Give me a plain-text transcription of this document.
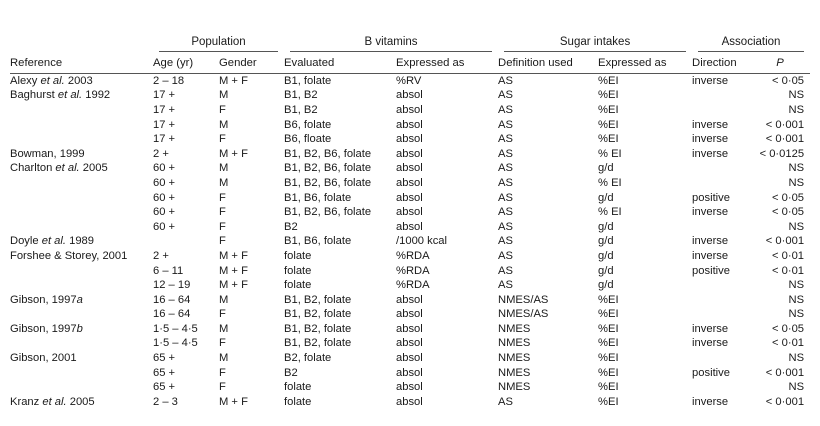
	Population		B vitamins		Sugar intakes		Association	

Reference	Age (yr)	Gender	Evaluated	Expressed as	Definition used	Expressed as	Direction	P
Alexy et al. 2003	2 – 18	M + F	B1, folate	%RV	AS	%EI	inverse	< 0·05
Baghurst et al. 1992	17 +	M	B1, B2	absol	AS	%EI		NS
	17 +	F	B1, B2	absol	AS	%EI		NS
	17 +	M	B6, folate	absol	AS	%EI	inverse	< 0·001
	17 +	F	B6, floate	absol	AS	%EI	inverse	< 0·001
Bowman, 1999	2 +	M + F	B1, B2, B6, folate	absol	AS	% EI	inverse	< 0·0125
Charlton et al. 2005	60 +	M	B1, B2, B6, folate	absol	AS	g/d		NS
	60 +	M	B1, B2, B6, folate	absol	AS	% EI		NS
	60 +	F	B1, B6, folate	absol	AS	g/d	positive	< 0·05
	60 +	F	B1, B2, B6, folate	absol	AS	% EI	inverse	< 0·05
	60 +	F	B2	absol	AS	g/d		NS
Doyle et al. 1989		F	B1, B6, folate	/1000 kcal	AS	g/d	inverse	< 0·001
Forshee & Storey, 2001	2 +	M + F	folate	%RDA	AS	g/d	inverse	< 0·01
	6 – 11	M + F	folate	%RDA	AS	g/d	positive	< 0·01
	12 – 19	M + F	folate	%RDA	AS	g/d		NS
Gibson, 1997a	16 – 64	M	B1, B2, folate	absol	NMES/AS	%EI		NS
	16 – 64	F	B1, B2, folate	absol	NMES/AS	%EI		NS
Gibson, 1997b	1·5 – 4·5	M	B1, B2, folate	absol	NMES	%EI	inverse	< 0·05
	1·5 – 4·5	F	B1, B2, folate	absol	NMES	%EI	inverse	< 0·01
Gibson, 2001	65 +	M	B2, folate	absol	NMES	%EI		NS
	65 +	F	B2	absol	NMES	%EI	positive	< 0·001
	65 +	F	folate	absol	NMES	%EI		NS
Kranz et al. 2005	2 – 3	M + F	folate	absol	AS	%EI	inverse	< 0·001
